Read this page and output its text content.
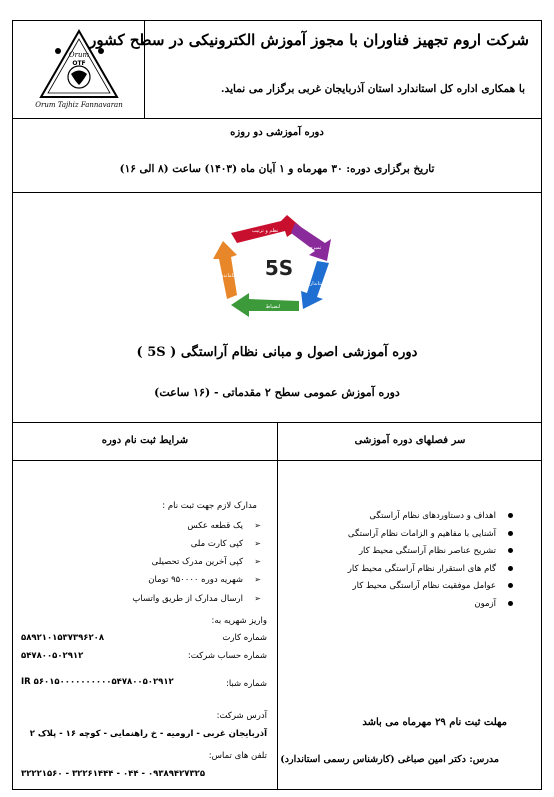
Orum
OTF
Orum Tajhiz Fannavaran
شرکت اروم تجهیز فناوران با مجوز آموزش الکترونیکی در سطح کشور
با همکاری اداره کل استاندارد استان آذربایجان غربی برگزار می نماید.
دوره آموزشی دو روزه
تاریخ برگزاری دوره: ۳۰ مهرماه و ۱ آبان ماه (۱۴۰۳) ساعت (۸ الی ۱۶)
5S
نظم و ترتیب
تمیزی
استاندارد
انضباط
ساماندهی
دوره آموزشی اصول و مبانی نظام آراستگی ( 5S )
دوره آموزش عمومی سطح ۲ مقدماتی - (۱۶ ساعت)
شرایط ثبت نام دوره	سر فصلهای دوره آموزشی
مدارک لازم جهت ثبت نام :
➢یک قطعه عکس
➢کپی کارت ملی
➢کپی آخرین مدرک تحصیلی
➢شهریه دوره ۹۵۰۰۰۰ تومان
➢ارسال مدارک از طریق واتساپ
واریز شهریه به:
شماره کارت
۵۸۹۲۱۰۱۵۳۷۳۹۶۲۰۸
شماره حساب شرکت:
۵۴۷۸۰۰۵۰۲۹۱۲
شماره شبا:
IR ۵۶۰۱۵۰۰۰۰۰۰۰۰۰۰۵۴۷۸۰۰۵۰۲۹۱۲
آدرس شرکت:
آذربایجان غربی - ارومیه - خ راهنمایی - کوچه ۱۶ - پلاک ۲
تلفن های تماس:
۰۹۳۸۹۴۲۷۳۲۵ - ۰۴۴ - ۳۲۲۶۱۴۴۴ - ۳۲۲۲۱۵۶۰
اهداف و دستاوردهای نظام آراستگی
آشنایی با مفاهیم و الزامات نظام آراستگی
تشریح عناصر نظام آراستگی محیط کار
گام های استقرار نظام آراستگی محیط کار
عوامل موفقیت نظام آراستگی محیط کار
آزمون
مهلت ثبت نام ۲۹ مهرماه می باشد
مدرس: دکتر امین صباغی (کارشناس رسمی استاندارد)
